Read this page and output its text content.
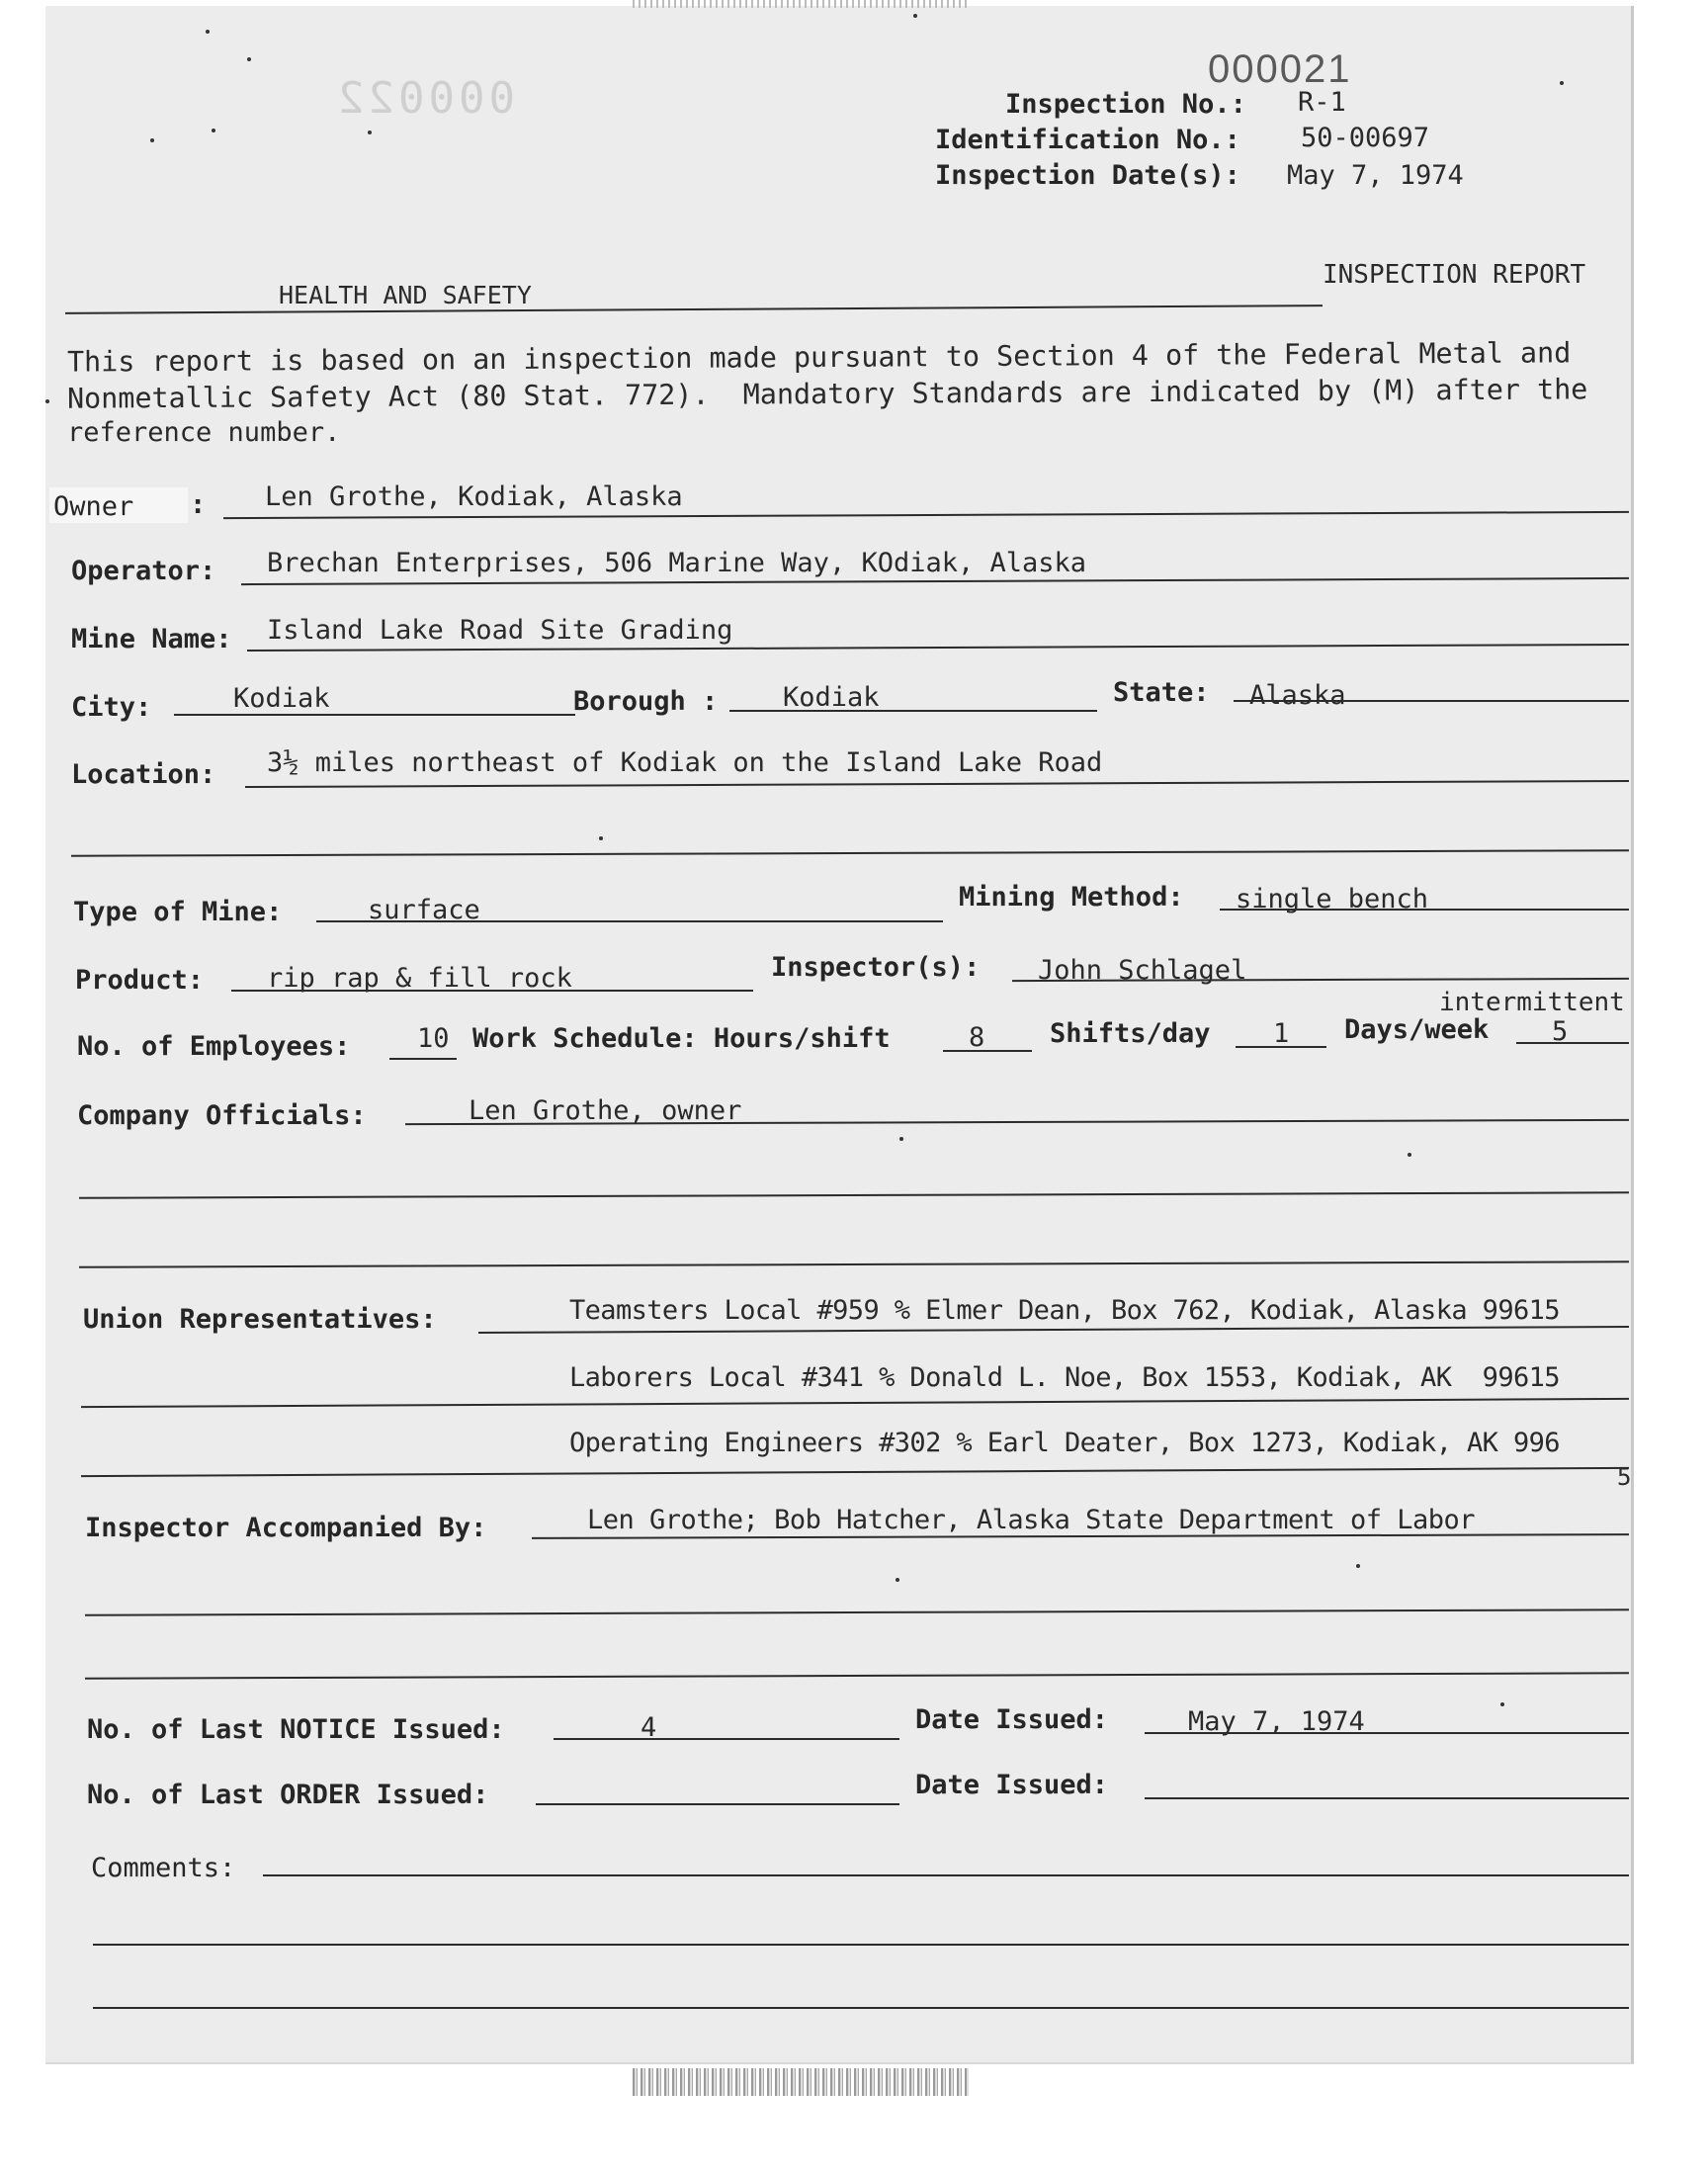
000022
000021
Inspection No.: R-1
Identification No.: 50-00697
Inspection Date(s): May 7, 1974
HEALTH AND SAFETY
INSPECTION REPORT
This report is based on an inspection made pursuant to Section 4 of the Federal Metal and
Nonmetallic Safety Act (80 Stat. 772).  Mandatory Standards are indicated by (M) after the
reference number.
Owner : Len Grothe, Kodiak, Alaska
Operator: Brechan Enterprises, 506 Marine Way, KOdiak, Alaska
Mine Name: Island Lake Road Site Grading
City:	Kodiak	Borough : Kodiak	State: Alaska
Location: 3½ miles northeast of Kodiak on the Island Lake Road
Type of Mine:	surface	Mining Method: single bench
Product: rip rap & fill rock	Inspector(s): John Schlagel
intermittent
No. of Employees:	10 Work Schedule: Hours/shift	8 Shifts/day 1 Days/week 5
Company Officials:	Len Grothe, owner
Union Representatives:	Teamsters Local #959 % Elmer Dean, Box 762, Kodiak, Alaska 99615
Laborers Local #341 % Donald L. Noe, Box 1553, Kodiak, AK  99615
Operating Engineers #302 % Earl Deater, Box 1273, Kodiak, AK 996
5
Inspector Accompanied By:	Len Grothe; Bob Hatcher, Alaska State Department of Labor
No. of Last NOTICE Issued:	4	Date Issued:	May 7, 1974
No. of Last ORDER Issued:	Date Issued:
Comments:
